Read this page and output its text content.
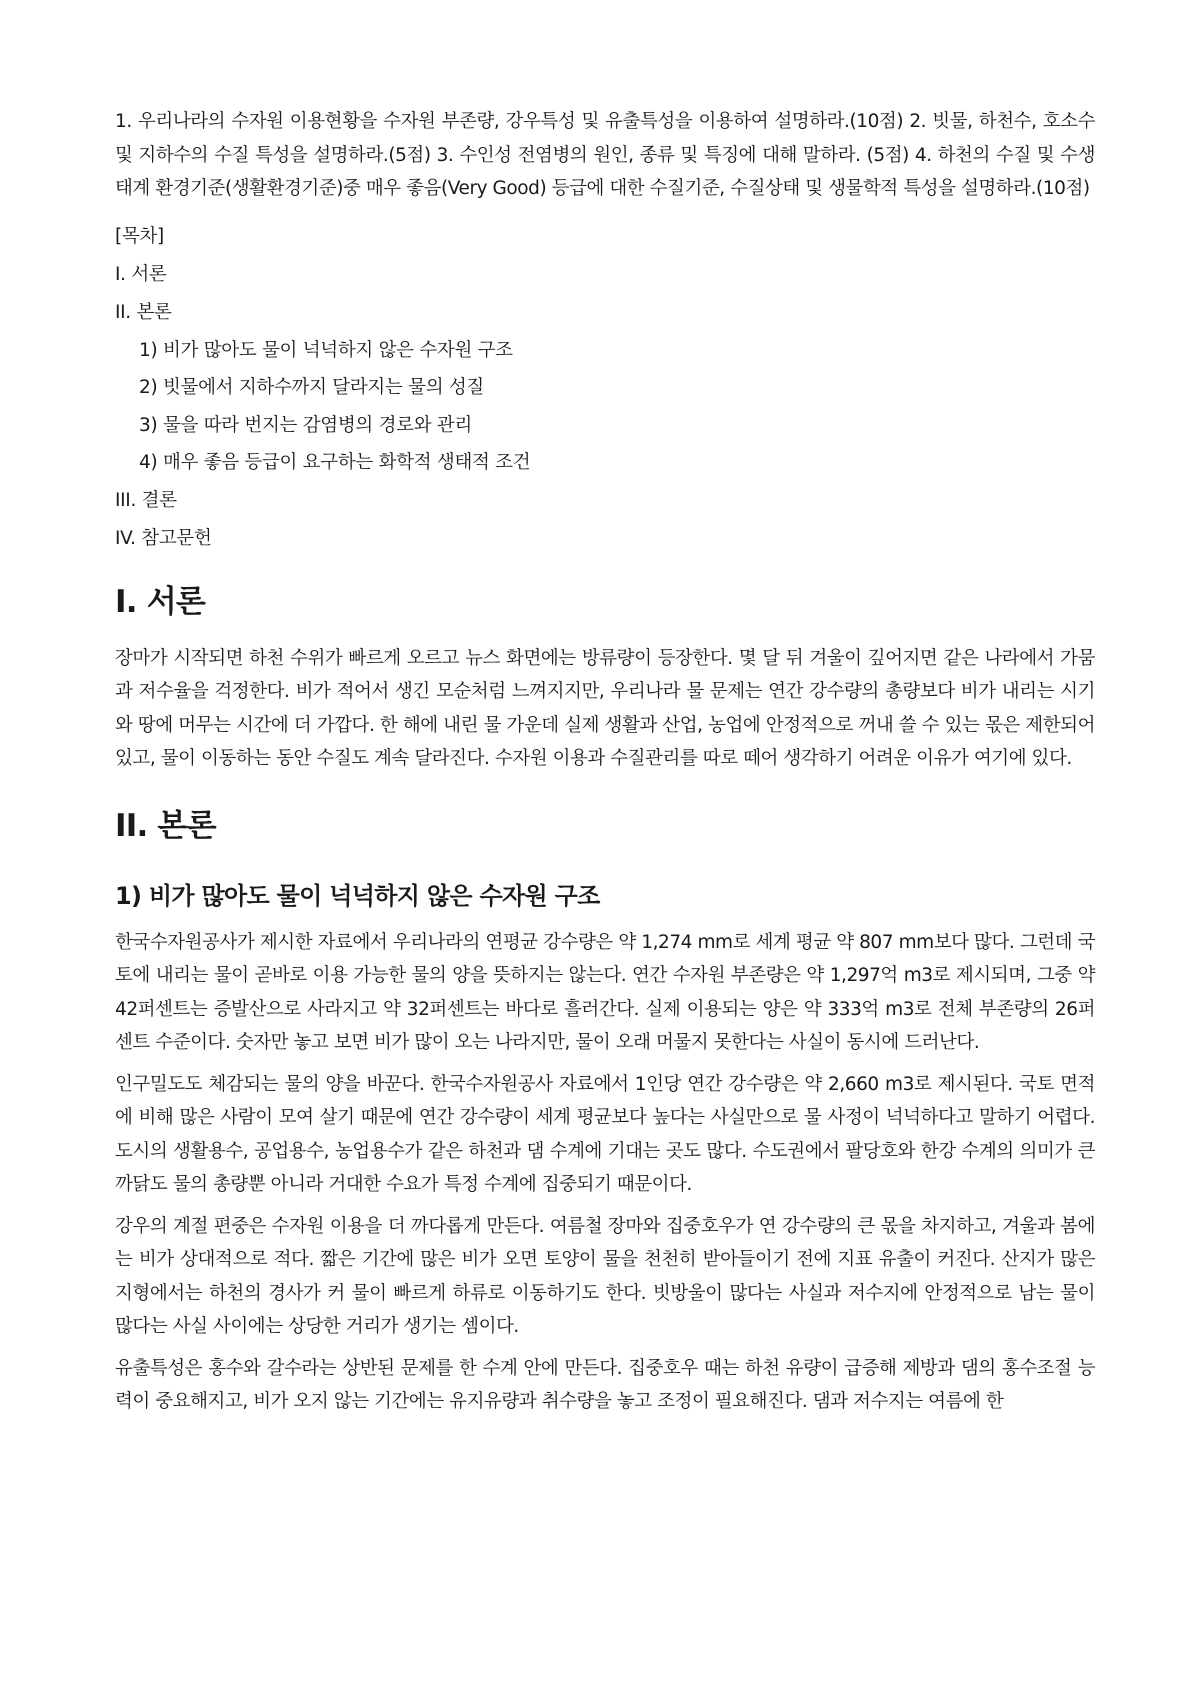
1. 우리나라의 수자원 이용현황을 수자원 부존량, 강우특성 및 유출특성을 이용하여 설명하라.(10점) 2. 빗물, 하천수, 호소수 및 지하수의 수질 특성을 설명하라.(5점) 3. 수인성 전염병의 원인, 종류 및 특징에 대해 말하라. (5점) 4. 하천의 수질 및 수생태계 환경기준(생활환경기준)중 매우 좋음(Very Good) 등급에 대한 수질기준, 수질상태 및 생물학적 특성을 설명하라.(10점)

[목차]
I. 서론
II. 본론
1) 비가 많아도 물이 넉넉하지 않은 수자원 구조
2) 빗물에서 지하수까지 달라지는 물의 성질
3) 물을 따라 번지는 감염병의 경로와 관리
4) 매우 좋음 등급이 요구하는 화학적 생태적 조건
III. 결론
IV. 참고문헌
I. 서론

장마가 시작되면 하천 수위가 빠르게 오르고 뉴스 화면에는 방류량이 등장한다. 몇 달 뒤 겨울이 깊어지면 같은 나라에서 가뭄과 저수율을 걱정한다. 비가 적어서 생긴 모순처럼 느껴지지만, 우리나라 물 문제는 연간 강수량의 총량보다 비가 내리는 시기와 땅에 머무는 시간에 더 가깝다. 한 해에 내린 물 가운데 실제 생활과 산업, 농업에 안정적으로 꺼내 쓸 수 있는 몫은 제한되어 있고, 물이 이동하는 동안 수질도 계속 달라진다. 수자원 이용과 수질관리를 따로 떼어 생각하기 어려운 이유가 여기에 있다.

II. 본론
1) 비가 많아도 물이 넉넉하지 않은 수자원 구조

한국수자원공사가 제시한 자료에서 우리나라의 연평균 강수량은 약 1,274 mm로 세계 평균 약 807 mm보다 많다. 그런데 국토에 내리는 물이 곧바로 이용 가능한 물의 양을 뜻하지는 않는다. 연간 수자원 부존량은 약 1,297억 m3로 제시되며, 그중 약 42퍼센트는 증발산으로 사라지고 약 32퍼센트는 바다로 흘러간다. 실제 이용되는 양은 약 333억 m3로 전체 부존량의 26퍼센트 수준이다. 숫자만 놓고 보면 비가 많이 오는 나라지만, 물이 오래 머물지 못한다는 사실이 동시에 드러난다.

인구밀도도 체감되는 물의 양을 바꾼다. 한국수자원공사 자료에서 1인당 연간 강수량은 약 2,660 m3로 제시된다. 국토 면적에 비해 많은 사람이 모여 살기 때문에 연간 강수량이 세계 평균보다 높다는 사실만으로 물 사정이 넉넉하다고 말하기 어렵다. 도시의 생활용수, 공업용수, 농업용수가 같은 하천과 댐 수계에 기대는 곳도 많다. 수도권에서 팔당호와 한강 수계의 의미가 큰 까닭도 물의 총량뿐 아니라 거대한 수요가 특정 수계에 집중되기 때문이다.

강우의 계절 편중은 수자원 이용을 더 까다롭게 만든다. 여름철 장마와 집중호우가 연 강수량의 큰 몫을 차지하고, 겨울과 봄에는 비가 상대적으로 적다. 짧은 기간에 많은 비가 오면 토양이 물을 천천히 받아들이기 전에 지표 유출이 커진다. 산지가 많은 지형에서는 하천의 경사가 커 물이 빠르게 하류로 이동하기도 한다. 빗방울이 많다는 사실과 저수지에 안정적으로 남는 물이 많다는 사실 사이에는 상당한 거리가 생기는 셈이다.

유출특성은 홍수와 갈수라는 상반된 문제를 한 수계 안에 만든다. 집중호우 때는 하천 유량이 급증해 제방과 댐의 홍수조절 능력이 중요해지고, 비가 오지 않는 기간에는 유지유량과 취수량을 놓고 조정이 필요해진다. 댐과 저수지는 여름에 한
